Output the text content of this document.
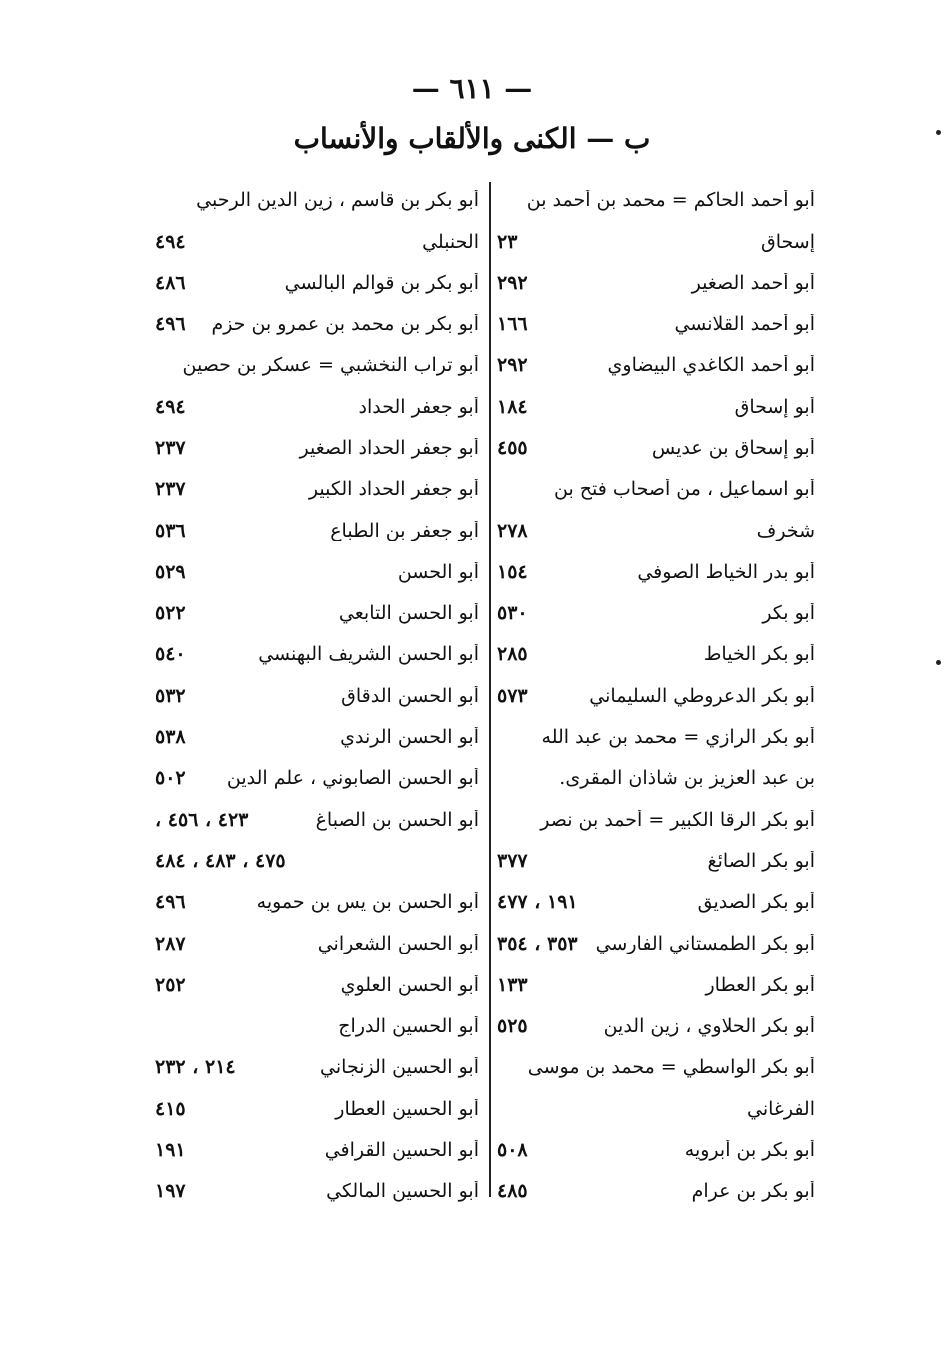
— ٦١١ —
ب — الكنى والألقاب والأنساب
أبو أحمد الحاكم = محمد بن أحمد بن
إسحاق
٢٣
أبو أحمد الصغير
٢٩٢
أبو أحمد القلانسي
١٦٦
أبو أحمد الكاغدي البيضاوي
٢٩٢
أبو إسحاق
١٨٤
أبو إسحاق بن عديس
٤٥٥
أبو اسماعيل ، من أصحاب فتح بن
شخرف
٢٧٨
أبو بدر الخياط الصوفي
١٥٤
أبو بكر
٥٣٠
أبو بكر الخياط
٢٨٥
أبو بكر الدعروطي السليماني
٥٧٣
أبو بكر الرازي = محمد بن عبد الله
بن عبد العزيز بن شاذان المقرى.
أبو بكر الرقا الكبير = أحمد بن نصر
أبو بكر الصائغ
٣٧٧
أبو بكر الصديق
١٩١ ، ٤٧٧
أبو بكر الطمستاني الفارسي
٣٥٣ ، ٣٥٤
أبو بكر العطار
١٣٣
أبو بكر الحلاوي ، زين الدين
٥٢٥
أبو بكر الواسطي = محمد بن موسى
الفرغاني
أبو بكر بن أبرويه
٥٠٨
أبو بكر بن عرام
٤٨٥
أبو بكر بن قاسم ، زين الدين الرحبي
الحنبلي
٤٩٤
أبو بكر بن قوالم البالسي
٤٨٦
أبو بكر بن محمد بن عمرو بن حزم
٤٩٦
أبو تراب النخشبي = عسكر بن حصين
أبو جعفر الحداد
٤٩٤
أبو جعفر الحداد الصغير
٢٣٧
أبو جعفر الحداد الكبير
٢٣٧
أبو جعفر بن الطباع
٥٣٦
أبو الحسن
٥٢٩
أبو الحسن التابعي
٥٢٢
أبو الحسن الشريف البهنسي
٥٤٠
أبو الحسن الدقاق
٥٣٢
أبو الحسن الرندي
٥٣٨
أبو الحسن الصابوني ، علم الدين
٥٠٢
أبو الحسن بن الصباغ
٤٢٣ ، ٤٥٦ ،
٤٧٥ ، ٤٨٣ ، ٤٨٤
أبو الحسن بن يس بن حمويه
٤٩٦
أبو الحسن الشعراني
٢٨٧
أبو الحسن العلوي
٢٥٢
أبو الحسين الدراج
أبو الحسين الزنجاني
٢١٤ ، ٢٣٢
أبو الحسين العطار
٤١٥
أبو الحسين القرافي
١٩١
أبو الحسين المالكي
١٩٧
